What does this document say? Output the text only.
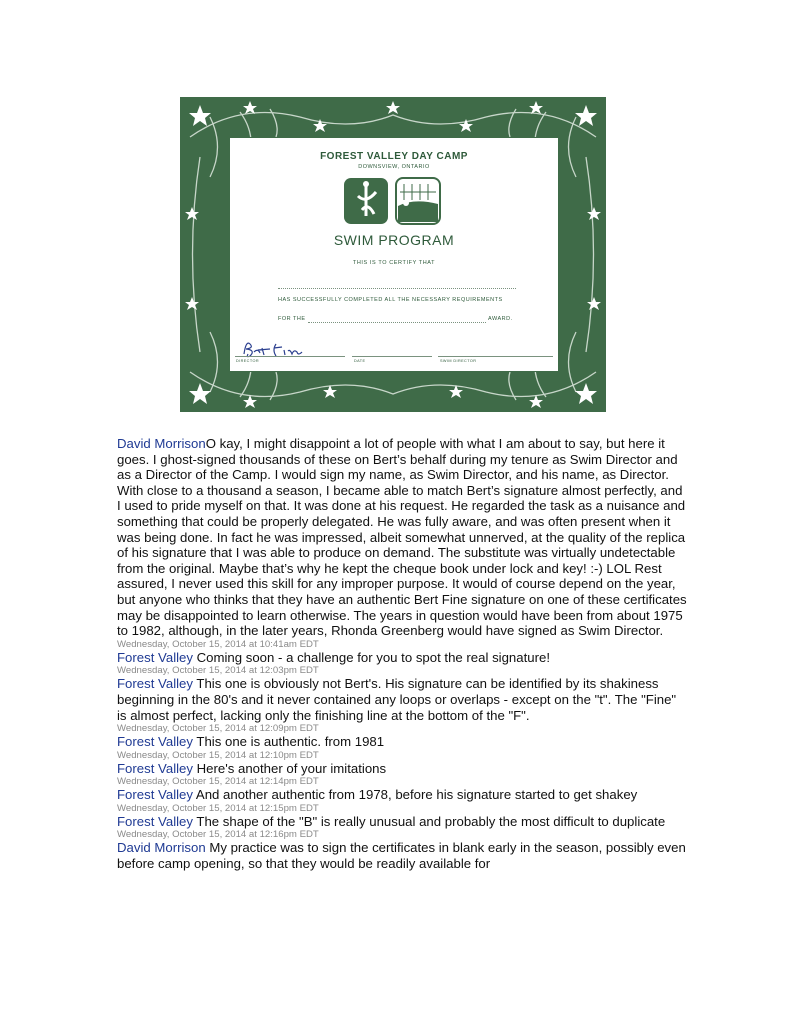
FOREST VALLEY DAY CAMP
DOWNSVIEW, ONTARIO
SWIM PROGRAM
THIS IS TO CERTIFY THAT
HAS SUCCESSFULLY COMPLETED ALL THE NECESSARY REQUIREMENTS
FOR THE	AWARD.
DIRECTOR	DATE	SWIM DIRECTOR

David MorrisonO kay, I might disappoint a lot of people with what I am about to say, but here it goes. I ghost-signed thousands of these on Bert’s behalf during my tenure as Swim Director and as a Director of the Camp. I would sign my name, as Swim Director, and his name, as Director. With close to a thousand a season, I became able to match Bert’s signature almost perfectly, and I used to pride myself on that. It was done at his request. He regarded the task as a nuisance and something that could be properly delegated. He was fully aware, and was often present when it was being done. In fact he was impressed, albeit somewhat unnerved, at the quality of the replica of his signature that I was able to produce on demand. The substitute was virtually undetectable from the original. Maybe that’s why he kept the cheque book under lock and key! :-) LOL Rest assured, I never used this skill for any improper purpose. It would of course depend on the year, but anyone who thinks that they have an authentic Bert Fine signature on one of these certificates may be disappointed to learn otherwise. The years in question would have been from about 1975 to 1982, although, in the later years, Rhonda Greenberg would have signed as Swim Director.

Wednesday, October 15, 2014 at 10:41am EDT

Forest Valley Coming soon - a challenge for you to spot the real signature!

Wednesday, October 15, 2014 at 12:03pm EDT

Forest Valley This one is obviously not Bert's. His signature can be identified by its shakiness beginning in the 80's and it never contained any loops or overlaps - except on the "t". The "Fine" is almost perfect, lacking only the finishing line at the bottom of the "F".

Wednesday, October 15, 2014 at 12:09pm EDT

Forest Valley This one is authentic. from 1981

Wednesday, October 15, 2014 at 12:10pm EDT

Forest Valley Here's another of your imitations

Wednesday, October 15, 2014 at 12:14pm EDT

Forest Valley And another authentic from 1978, before his signature started to get shakey

Wednesday, October 15, 2014 at 12:15pm EDT

Forest Valley The shape of the "B" is really unusual and probably the most difficult to duplicate

Wednesday, October 15, 2014 at 12:16pm EDT

David Morrison My practice was to sign the certificates in blank early in the season, possibly even before camp opening, so that they would be readily available for
